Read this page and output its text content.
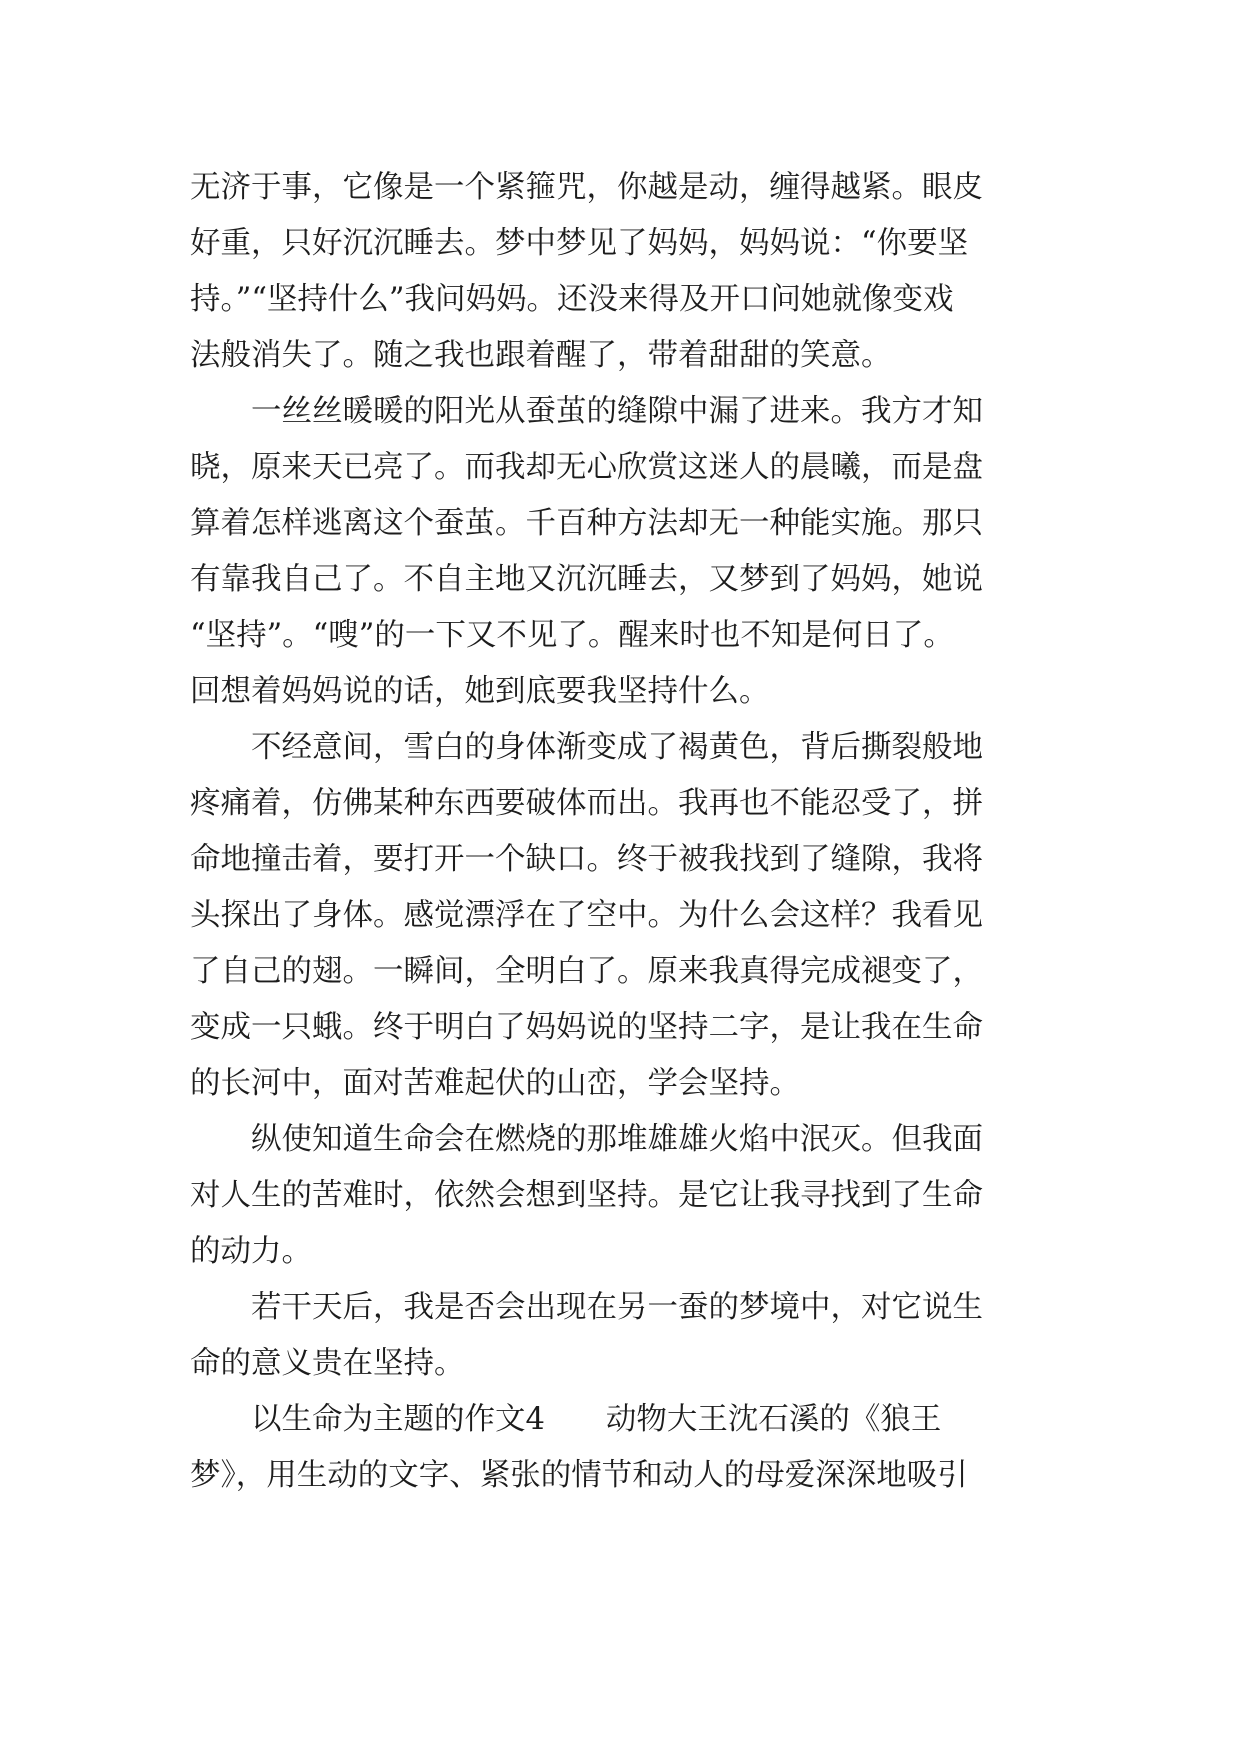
无济于事，它像是一个紧箍咒，你越是动，缠得越紧。眼皮
好重，只好沉沉睡去。梦中梦见了妈妈，妈妈说：“你要坚
持。”“坚持什么”我问妈妈。还没来得及开口问她就像变戏
法般消失了。随之我也跟着醒了，带着甜甜的笑意。
　　一丝丝暖暖的阳光从蚕茧的缝隙中漏了进来。我方才知
晓，原来天已亮了。而我却无心欣赏这迷人的晨曦，而是盘
算着怎样逃离这个蚕茧。千百种方法却无一种能实施。那只
有靠我自己了。不自主地又沉沉睡去，又梦到了妈妈，她说
“坚持”。“嗖”的一下又不见了。醒来时也不知是何日了。
回想着妈妈说的话，她到底要我坚持什么。
　　不经意间，雪白的身体渐变成了褐黄色，背后撕裂般地
疼痛着，仿佛某种东西要破体而出。我再也不能忍受了，拼
命地撞击着，要打开一个缺口。终于被我找到了缝隙，我将
头探出了身体。感觉漂浮在了空中。为什么会这样？我看见
了自己的翅。一瞬间，全明白了。原来我真得完成褪变了，
变成一只蛾。终于明白了妈妈说的坚持二字，是让我在生命
的长河中，面对苦难起伏的山峦，学会坚持。
　　纵使知道生命会在燃烧的那堆雄雄火焰中泯灭。但我面
对人生的苦难时，依然会想到坚持。是它让我寻找到了生命
的动力。
　　若干天后，我是否会出现在另一蚕的梦境中，对它说生
命的意义贵在坚持。
　　以生命为主题的作文4　　动物大王沈石溪的《狼王
梦》，用生动的文字、紧张的情节和动人的母爱深深地吸引
